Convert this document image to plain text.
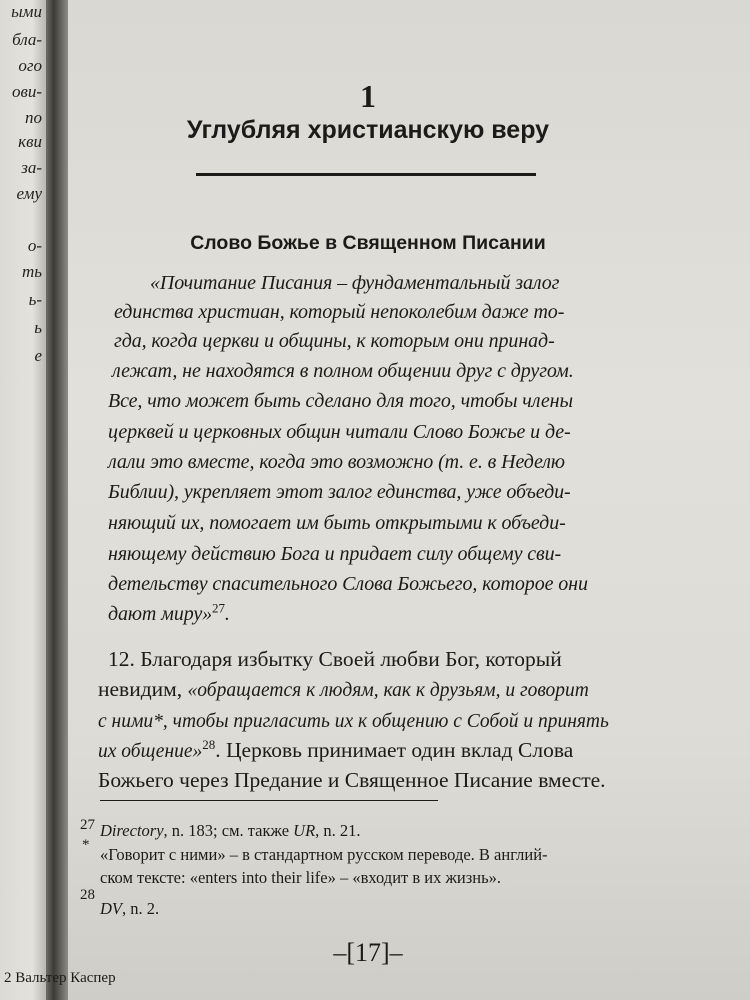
ыми
бла-
ого
ови-
по
кви
за-
ему
о-
ть
ь-
ь
е
1
Углубляя христианскую веру
Слово Божье в Священном Писании
«Почитание Писания – фундаментальный залог
единства христиан, который непоколебим даже то-
гда, когда церкви и общины, к которым они принад-
лежат, не находятся в полном общении друг с другом.
Все, что может быть сделано для того, чтобы члены
церквей и церковных общин читали Слово Божье и де-
лали это вместе, когда это возможно (т. е. в Неделю
Библии), укрепляет этот залог единства, уже объеди-
няющий их, помогает им быть открытыми к объеди-
няющему действию Бога и придает силу общему сви-
детельству спасительного Слова Божьего, которое они
дают миру»$^{27}$.
12. Благодаря избытку Своей любви Бог, который
невидим, «обращается к людям, как к друзьям, и говорит
с ними*, чтобы пригласить их к общению с Собой и принять
их общение»$^{28}$. Церковь принимает один вклад Слова
Божьего через Предание и Священное Писание вместе.
27 Directory, n. 183; см. также UR, n. 21.
* «Говорит с ними» – в стандартном русском переводе. В англий-
ском тексте: «enters into their life» – «входит в их жизнь».
28
DV, n. 2.
–[17]–
2 Вальтер Каспер
